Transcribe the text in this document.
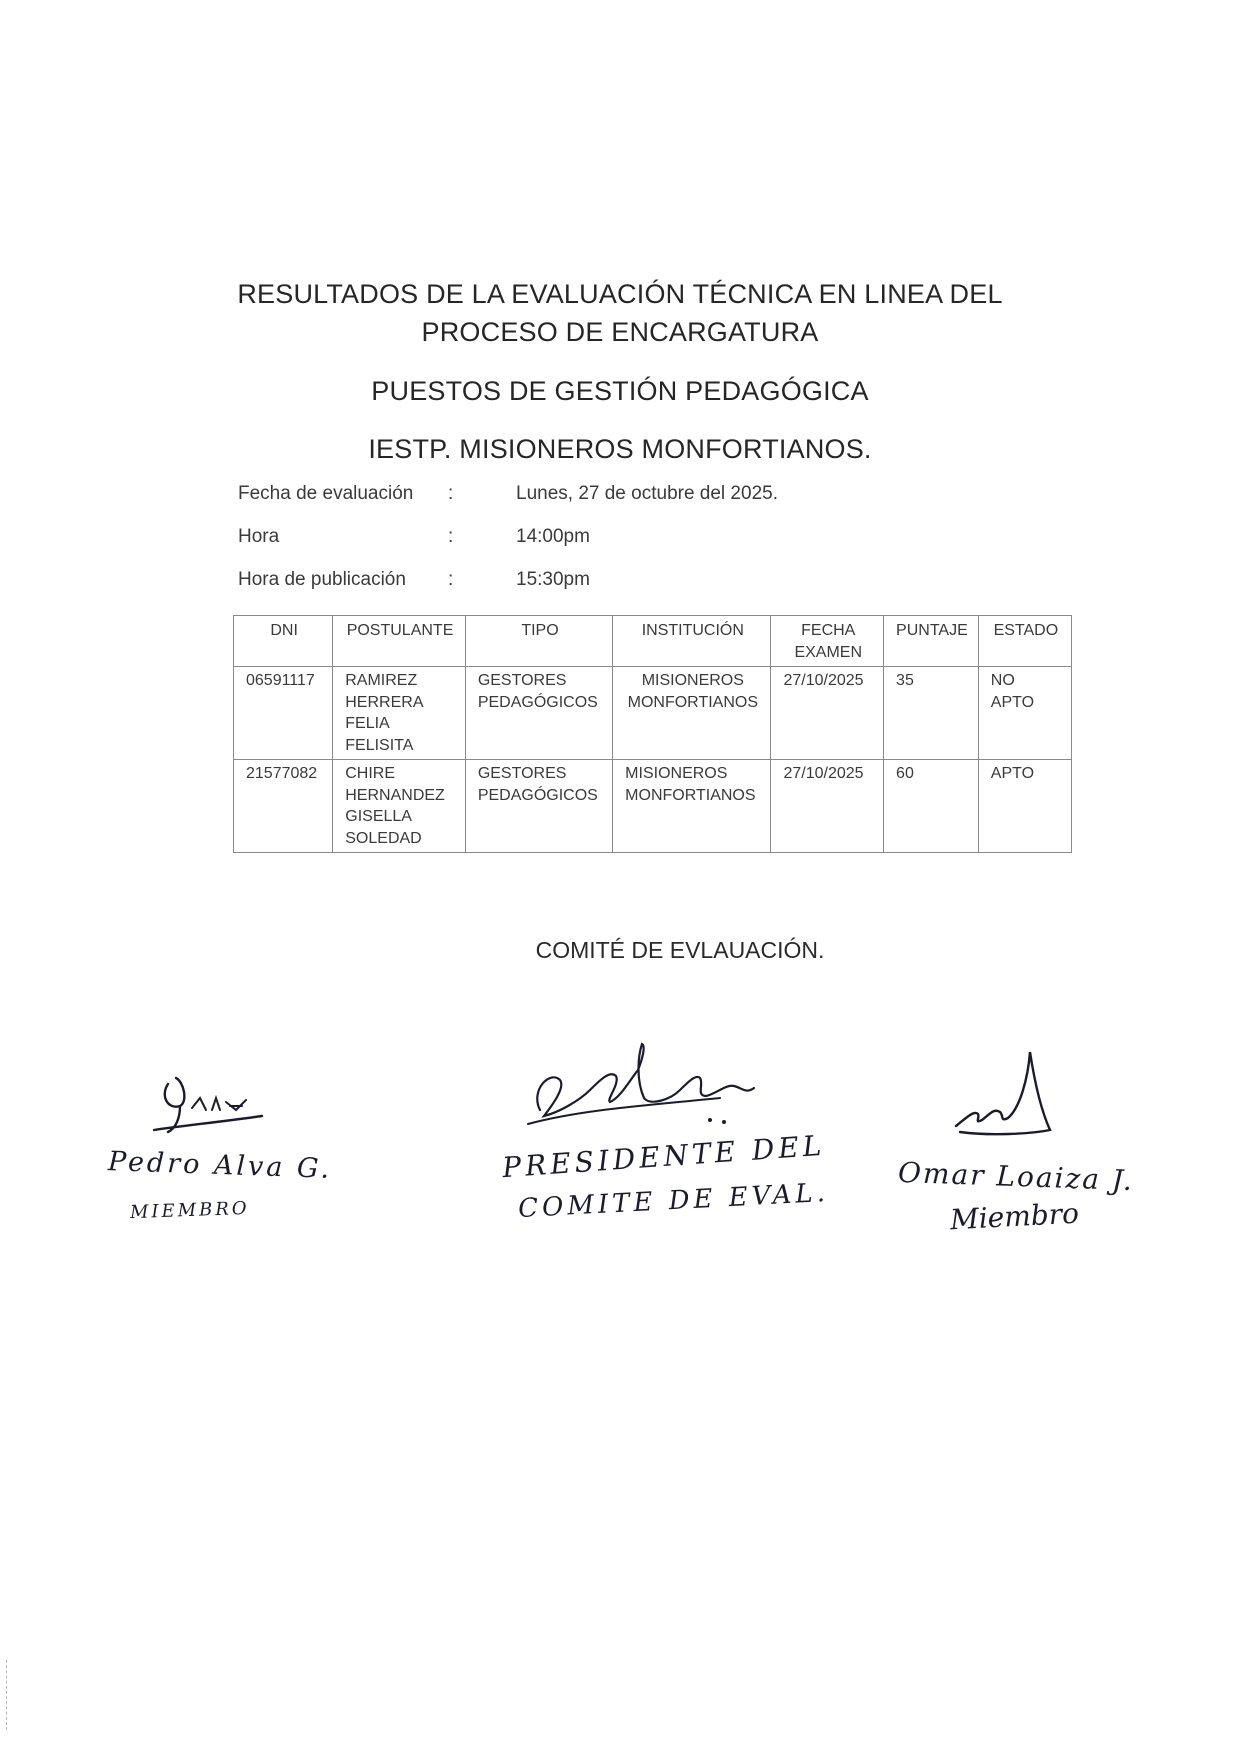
RESULTADOS DE LA EVALUACIÓN TÉCNICA EN LINEA DEL
PROCESO DE ENCARGATURA
PUESTOS DE GESTIÓN PEDAGÓGICA
IESTP. MISIONEROS MONFORTIANOS.
Fecha de evaluación :	Lunes, 27 de octubre del 2025.
Hora	:	14:00pm
Hora de publicación :	15:30pm
DNI	POSTULANTE	TIPO	INSTITUCIÓN	FECHA EXAMEN	PUNTAJE	ESTADO
06591117	RAMIREZ HERRERA FELIA FELISITA	GESTORES PEDAGÓGICOS	MISIONEROS MONFORTIANOS	27/10/2025	35	NO APTO
21577082	CHIRE HERNANDEZ GISELLA SOLEDAD	GESTORES PEDAGÓGICOS	MISIONEROS MONFORTIANOS	27/10/2025	60	APTO
COMITÉ DE EVLAUACIÓN.
Pedro Alva G.
MIEMBRO
PRESIDENTE DEL
COMITE DE EVAL.
Omar Loaiza J.
Miembro
